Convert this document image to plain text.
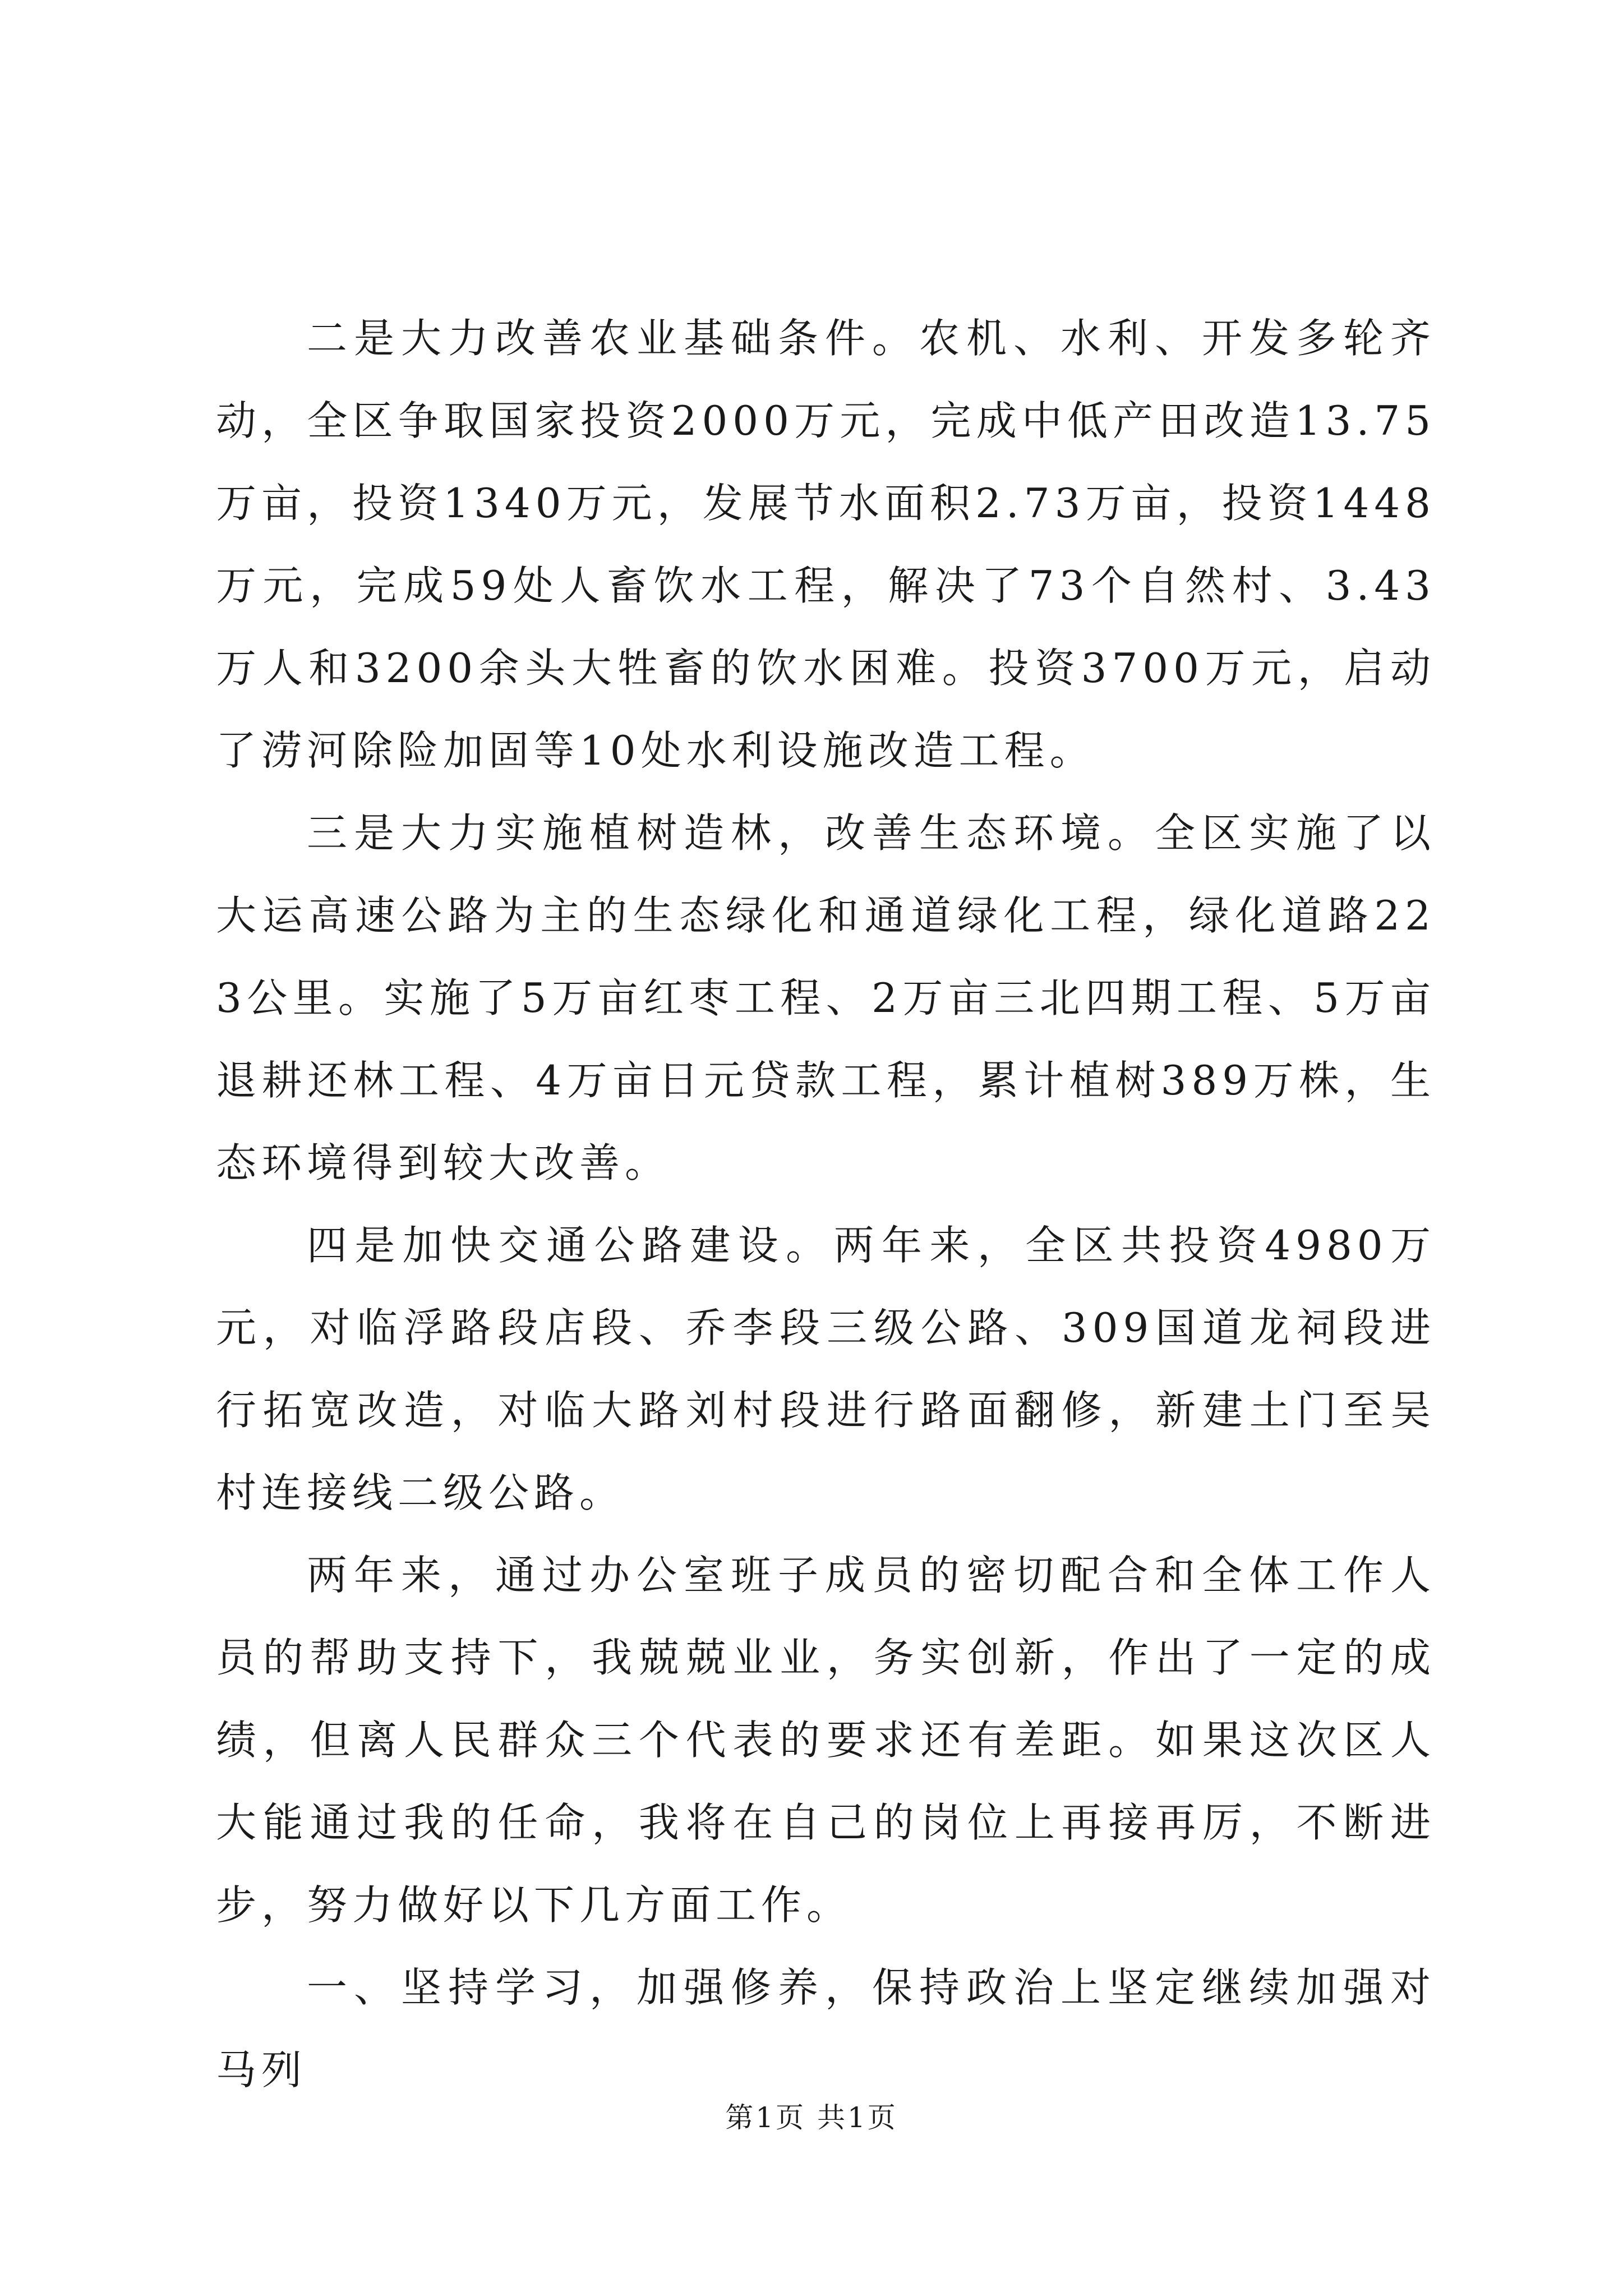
二是大力改善农业基础条件。农机、水利、开发多轮齐动，全区争取国家投资2000万元，完成中低产田改造13.75万亩，投资1340万元，发展节水面积2.73万亩，投资1448万元，完成59处人畜饮水工程，解决了73个自然村、3.43万人和3200余头大牲畜的饮水困难。投资3700万元，启动了涝河除险加固等10处水利设施改造工程。

三是大力实施植树造林，改善生态环境。全区实施了以大运高速公路为主的生态绿化和通道绿化工程，绿化道路223公里。实施了5万亩红枣工程、2万亩三北四期工程、5万亩退耕还林工程、4万亩日元贷款工程，累计植树389万株，生态环境得到较大改善。

四是加快交通公路建设。两年来，全区共投资4980万元，对临浮路段店段、乔李段三级公路、309国道龙祠段进行拓宽改造，对临大路刘村段进行路面翻修，新建土门至吴村连接线二级公路。

两年来，通过办公室班子成员的密切配合和全体工作人员的帮助支持下，我兢兢业业，务实创新，作出了一定的成绩，但离人民群众三个代表的要求还有差距。如果这次区人大能通过我的任命，我将在自己的岗位上再接再厉，不断进步，努力做好以下几方面工作。

一、坚持学习，加强修养，保持政治上坚定继续加强对马列

第1页 共1页
